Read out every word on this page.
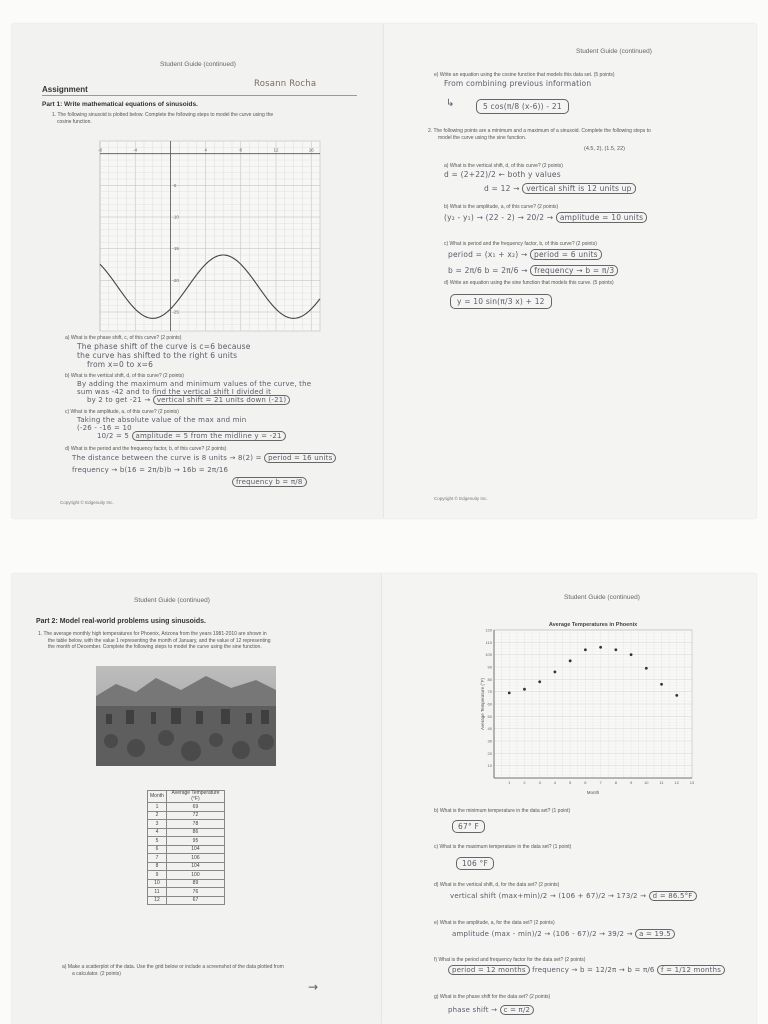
Student Guide (continued)
Assignment
Rosann Rocha
Part 1: Write mathematical equations of sinusoids.
1. The following sinusoid is plotted below. Complete the following steps to model the curve using the
cosine function.
-8	-4	4	8	12	16
-5
-10
-15
-20
-25
a) What is the phase shift, c, of this curve? (2 points)
The phase shift of the curve is c=6 because
the curve has shifted to the right 6 units
from x=0 to x=6
b) What is the vertical shift, d, of this curve? (2 points)
By adding the maximum and minimum values of the curve, the
sum was -42 and to find the vertical shift I divided it
by 2 to get -21 → vertical shift = 21 units down (-21)
c) What is the amplitude, a, of this curve? (2 points)
Taking the absolute value of the max and min
(-26 - -16 = 10
10/2 = 5 amplitude = 5 from the midline y = -21
d) What is the period and the frequency factor, b, of this curve? (2 points)
The distance between the curve is 8 units → 8(2) = period = 16 units
frequency → b(16 = 2π/b)b → 16b = 2π/16
frequency b = π/8
Copyright © Edgenuity Inc.
Student Guide (continued)
e) Write an equation using the cosine function that models this data set. (5 points)
From combining previous information
↳	5 cos(π/8 (x-6)) - 21
2. The following points are a minimum and a maximum of a sinusoid. Complete the following steps to
model the curve using the sine function.
(4.5, 2), (1.5, 22)
a) What is the vertical shift, d, of this curve? (2 points)
d = (2+22)/2 ← both y values
d = 12 → vertical shift is 12 units up
b) What is the amplitude, a, of this curve? (2 points)
(y₂ - y₁) → (22 - 2) → 20/2 → amplitude = 10 units
c) What is period and the frequency factor, b, of this curve? (2 points)
period = (x₁ + x₂) → period = 6 units
b = 2π/6 b = 2π/6 → frequency → b = π/3
d) Write an equation using the sine function that models this curve. (5 points)
y = 10 sin(π/3 x) + 12
Copyright © Edgenuity Inc.
Student Guide (continued)
Part 2: Model real-world problems using sinusoids.
1. The average monthly high temperatures for Phoenix, Arizona from the years 1981-2010 are shown in
the table below, with the value 1 representing the month of January, and the value of 12 representing
the month of December. Complete the following steps to model the curve using the sine function.
Month	Average Temperature (°F)
1	69
2	72
3	78
4	86
5	95
6	104
7	106
8	104
9	100
10	89
11	76
12	67
a) Make a scatterplot of the data. Use the grid below or include a screenshot of the data plotted from
a calculator. (2 points)
→
Student Guide (continued)
Average Temperatures in Phoenix
1	2	3	4	5	6	7	8	9	10	11	12	13
10
20
30
40
50
60
70
80
90
100
110
120
Month
Average Temperature (°F)
b) What is the minimum temperature in the data set? (1 point)
67° F
c) What is the maximum temperature in the data set? (1 point)
106 °F
d) What is the vertical shift, d, for the data set? (2 points)
vertical shift (max+min)/2 → (106 + 67)/2 → 173/2 → d = 86.5°F
e) What is the amplitude, a, for the data set? (2 points)
amplitude (max - min)/2 → (106 - 67)/2 → 39/2 → a = 19.5
f) What is the period and frequency factor for the data set? (2 points)
period = 12 months frequency → b = 12/2π → b = π/6 f = 1/12 months
g) What is the phase shift for the data set? (2 points)
phase shift → c = π/2
